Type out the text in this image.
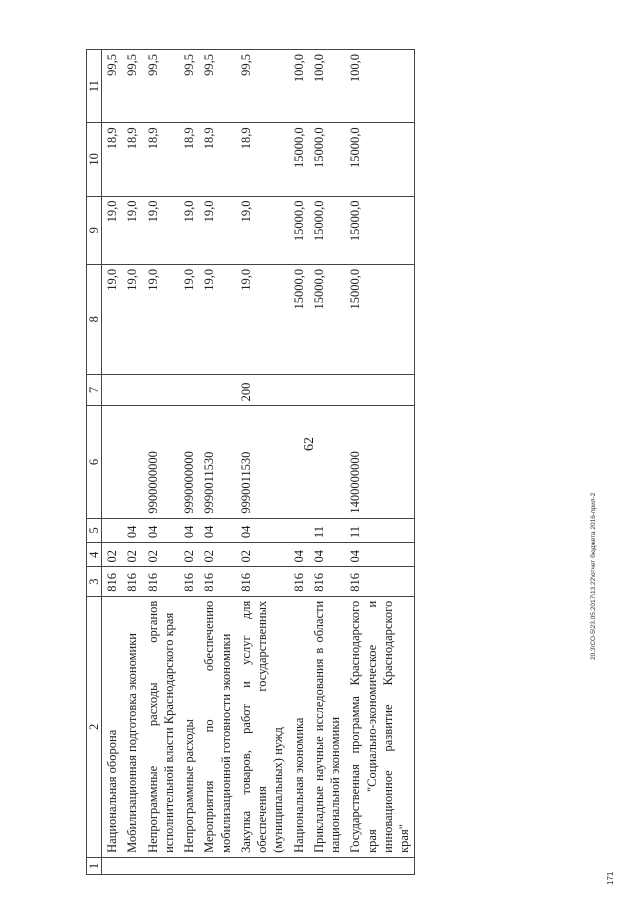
62
1	2	3	4	5	6	7	8	9	10	11
	Национальная оборона	816	02				19,0	19,0	18,9	99,5
	Мобилизационная подготовка экономики	816	02	04			19,0	19,0	18,9	99,5
	Непрограммные расходы органов исполнительной власти Краснодарского края	816	02	04	9900000000		19,0	19,0	18,9	99,5
	Непрограммные расходы	816	02	04	9990000000		19,0	19,0	18,9	99,5
	Мероприятия по обеспечению мобилизационной готовности экономики	816	02	04	9990011530		19,0	19,0	18,9	99,5
	Закупка товаров, работ и услуг для обеспечения государственных (муниципальных) нужд	816	02	04	9990011530	200	19,0	19,0	18,9	99,5
	Национальная экономика	816	04				15000,0	15000,0	15000,0	100,0
	Прикладные научные исследования в области национальной экономики	816	04	11			15000,0	15000,0	15000,0	100,0
	Государственная программа Краснодарского края "Социально-экономическое и инновационное развитие Краснодарского края"	816	04	11	1400000000		15000,0	15000,0	15000,0	100,0
20.3\СО-5\23.05.2017\13.22\отчет бюджета 2016-прил-2
171
